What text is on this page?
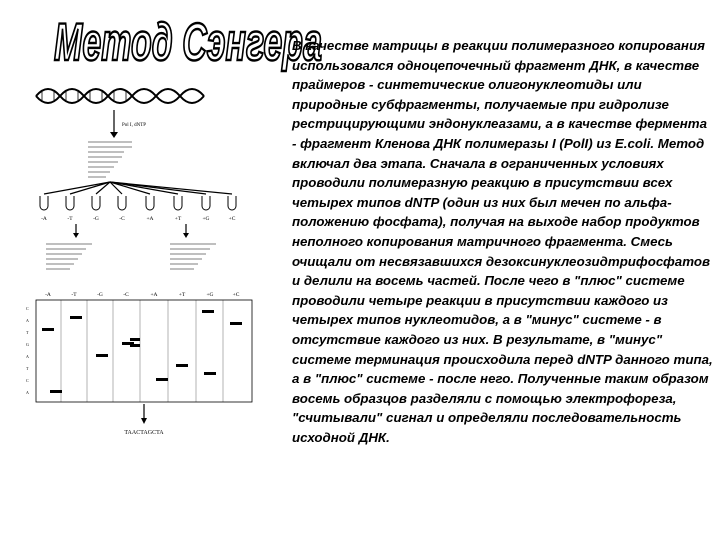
Метод Сэнгера
Pol I, dNTP
-A	-T	-G	-C	+A	+T	+G	+C
-A	-T	-G	-C	+A	+T	+G	+C
C
A
T
G
A
T
C
A
TAACTAGCTA

В качестве матрицы в реакции полимеразного копирования использовался одноцепочечный фрагмент ДНК, в качестве праймеров - синтетические олигонуклеотиды или природные субфрагменты, получаемые при гидролизе рестрицирующими эндонуклеазами, а в качестве фермента - фрагмент Кленова ДНК полимеразы I (PolI) из E.coli. Метод включал два этапа. Сначала в ограниченных условиях проводили полимеразную реакцию в присутствии всех четырех типов dNTP (один из них был мечен по альфа-положению фосфата), получая на выходе набор продуктов неполного копирования матричного фрагмента. Смесь очищали от несвязавшихся дезоксинуклеозидтрифосфатов и делили на восемь частей. После чего в "плюс" системе проводили четыре реакции в присутствии каждого из четырех типов нуклеотидов, а в "минус" системе - в отсутствие каждого из них. В результате, в "минус" системе терминация происходила перед dNTP данного типа, а в "плюс" системе - после него. Полученные таким образом восемь образцов разделяли с помощью электрофореза, "считывали" сигнал и определяли последовательность исходной ДНК.
